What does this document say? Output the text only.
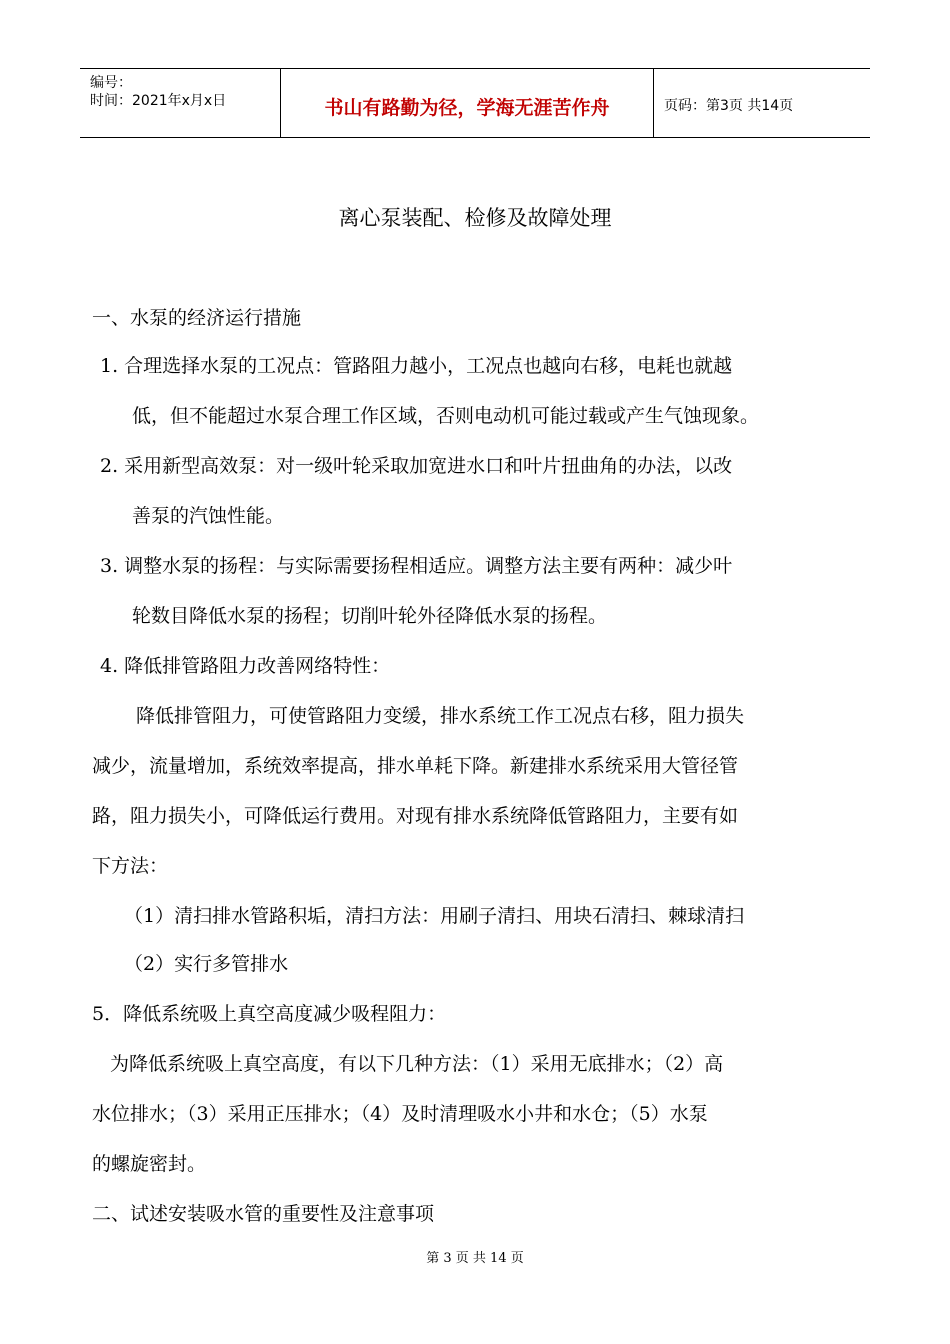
编号：
时间：2021年x月x日	书山有路勤为径，学海无涯苦作舟	页码：第3页 共14页
离心泵装配、检修及故障处理
一、水泵的经济运行措施
1. 合理选择水泵的工况点：管路阻力越小，工况点也越向右移，电耗也就越
低，但不能超过水泵合理工作区域，否则电动机可能过载或产生气蚀现象。
2. 采用新型高效泵：对一级叶轮采取加宽进水口和叶片扭曲角的办法，以改
善泵的汽蚀性能。
3. 调整水泵的扬程：与实际需要扬程相适应。调整方法主要有两种：减少叶
轮数目降低水泵的扬程；切削叶轮外径降低水泵的扬程。
4. 降低排管路阻力改善网络特性：
降低排管阻力，可使管路阻力变缓，排水系统工作工况点右移，阻力损失
减少，流量增加，系统效率提高，排水单耗下降。新建排水系统采用大管径管
路，阻力损失小，可降低运行费用。对现有排水系统降低管路阻力，主要有如
下方法：
（1）清扫排水管路积垢，清扫方法：用刷子清扫、用块石清扫、棘球清扫
（2）实行多管排水
5．降低系统吸上真空高度减少吸程阻力：
为降低系统吸上真空高度，有以下几种方法：（1）采用无底排水；（2）高
水位排水；（3）采用正压排水；（4）及时清理吸水小井和水仓；（5）水泵
的螺旋密封。
二、试述安装吸水管的重要性及注意事项
第 3 页 共 14 页
